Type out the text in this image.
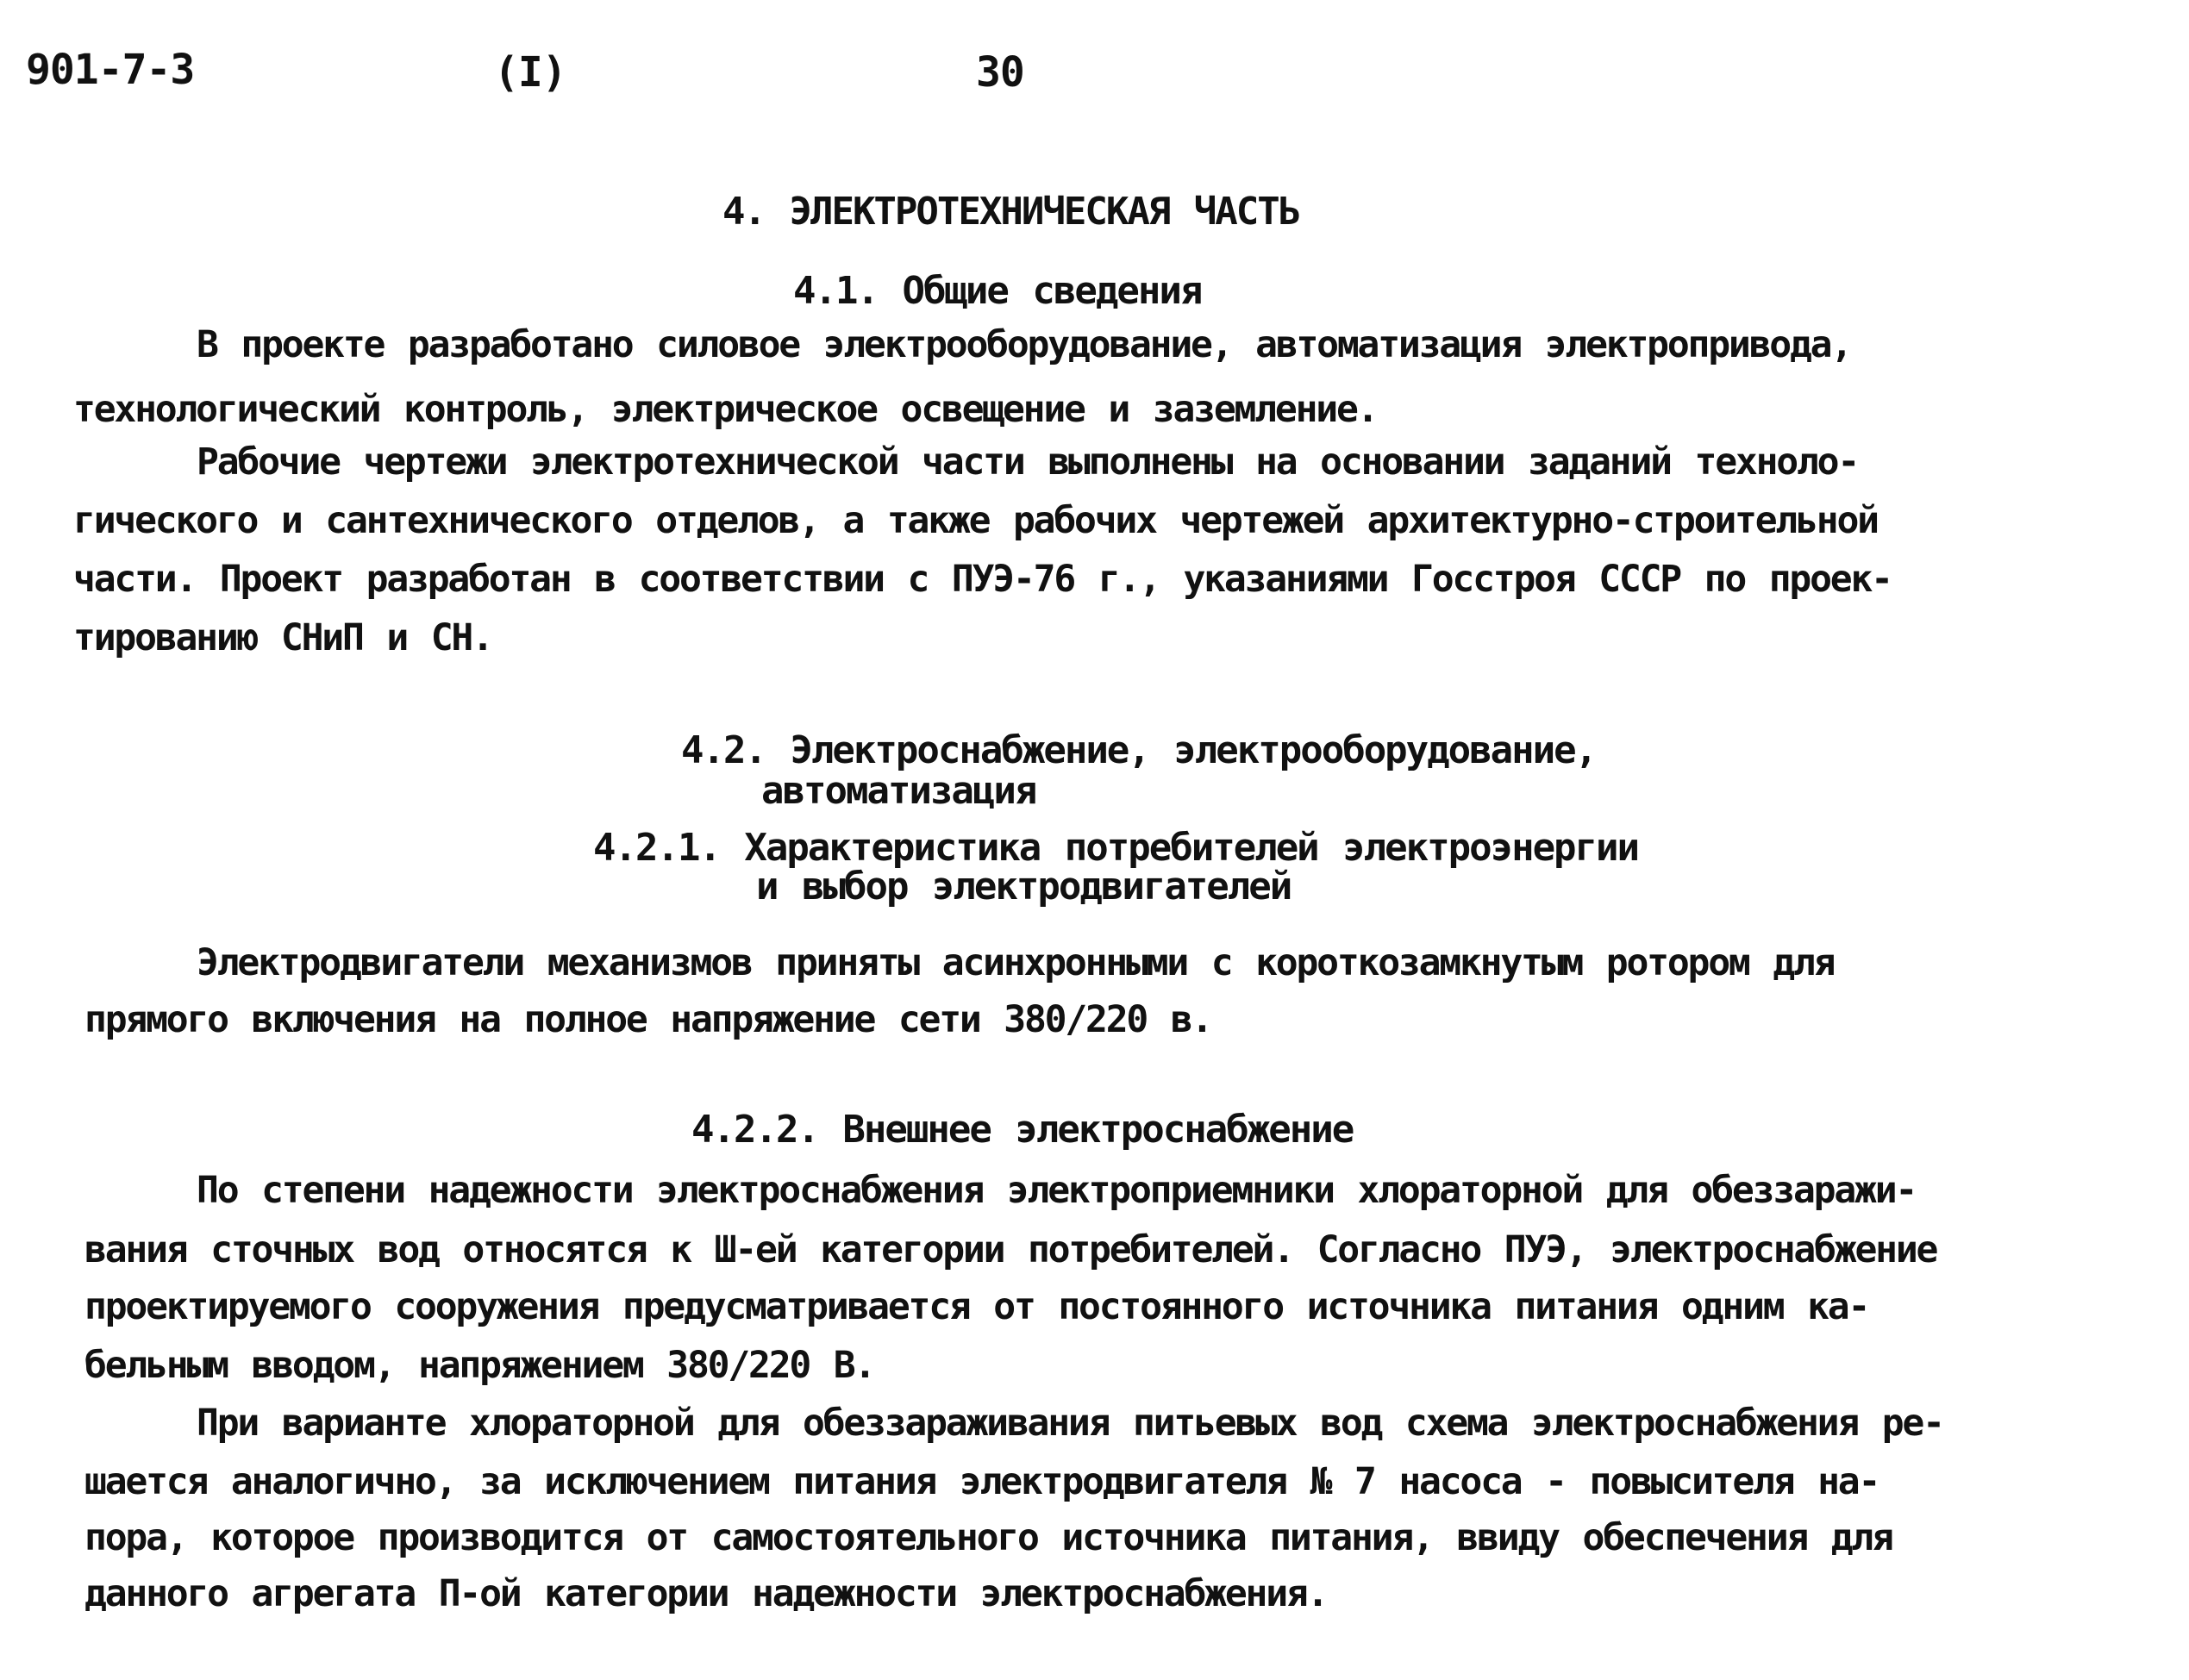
901-7-3	(I)	30
4. ЭЛЕКТРОТЕХНИЧЕСКАЯ ЧАСТЬ
4.1. Общие сведения
В проекте разработано силовое электрооборудование, автоматизация электропривода,
технологический контроль, электрическое освещение и заземление.
Рабочие чертежи электротехнической части выполнены на основании заданий техноло-
гического и сантехнического отделов, а также рабочих чертежей архитектурно-строительной
части. Проект разработан в соответствии с ПУЭ-76 г., указаниями Госстроя СССР по проек-
тированию СНиП и СН.
4.2. Электроснабжение, электрооборудование,
автоматизация
4.2.1. Характеристика потребителей электроэнергии
и выбор электродвигателей
Электродвигатели механизмов приняты асинхронными с короткозамкнутым ротором для
прямого включения на полное напряжение сети 380/220 в.
4.2.2. Внешнее электроснабжение
По степени надежности электроснабжения электроприемники хлораторной для обеззаражи-
вания сточных вод относятся к Ш-ей категории потребителей. Согласно ПУЭ, электроснабжение
проектируемого сооружения предусматривается от постоянного источника питания одним ка-
бельным вводом, напряжением 380/220 В.
При варианте хлораторной для обеззараживания питьевых вод схема электроснабжения ре-
шается аналогично, за исключением питания электродвигателя № 7 насоса - повысителя на-
пора, которое производится от самостоятельного источника питания, ввиду обеспечения для
данного агрегата П-ой категории надежности электроснабжения.
